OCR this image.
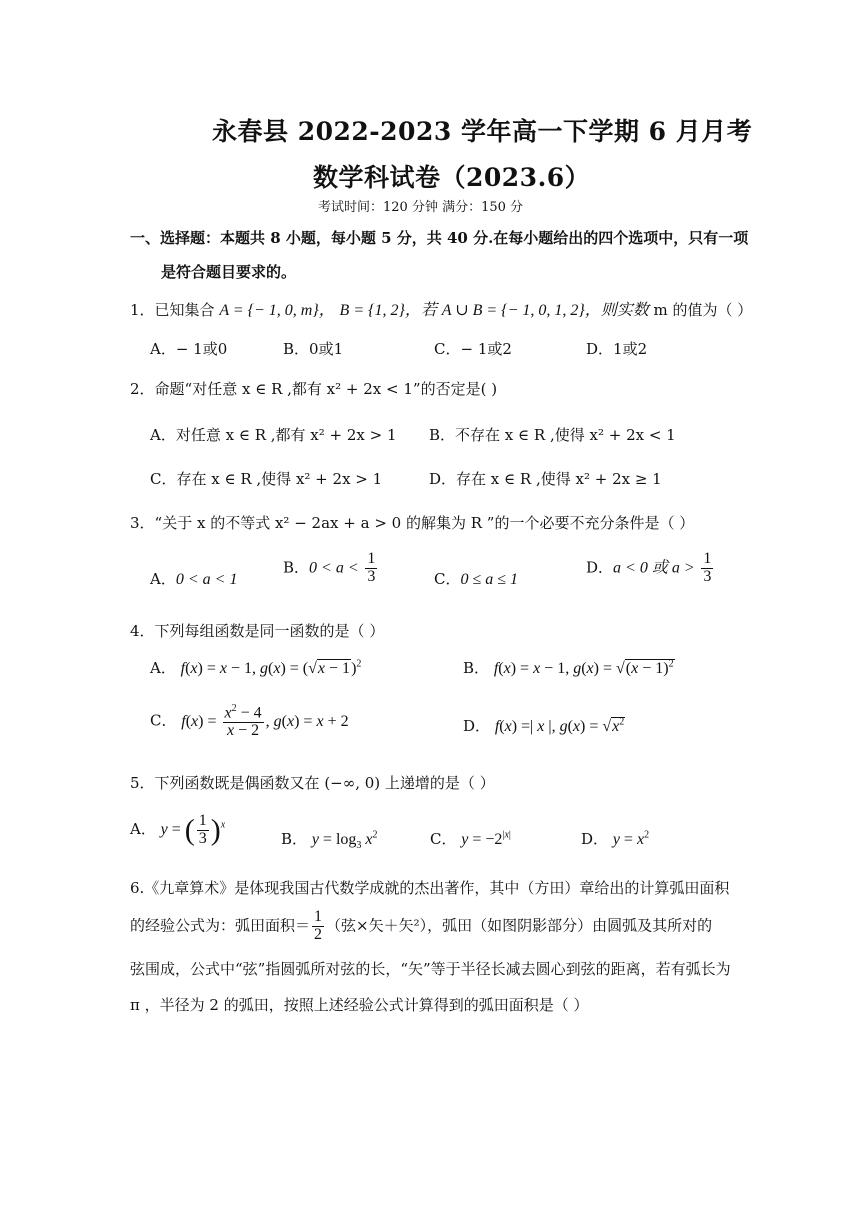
永春县 2022-2023 学年高一下学期 6 月月考
数学科试卷（2023.6）
考试时间：120 分钟 满分：150 分
一、选择题：本题共 8 小题，每小题 5 分，共 40 分.在每小题给出的四个选项中，只有一项
是符合题目要求的。
1．已知集合 A = {− 1, 0, m}， B = {1, 2}，若 A ∪ B = {− 1, 0, 1, 2}，则实数 m 的值为（ ）
A．− 1或0	B．0或1	C．− 1或2	D．1或2
2．命题“对任意 x ∈ R ,都有 x² + 2x < 1”的否定是( )
A．对任意 x ∈ R ,都有 x² + 2x > 1 B．不存在 x ∈ R ,使得 x² + 2x < 1
C．存在 x ∈ R ,使得 x² + 2x > 1	D．存在 x ∈ R ,使得 x² + 2x ≥ 1
3．“关于 x 的不等式 x² − 2ax + a > 0 的解集为 R ”的一个必要不充分条件是（ ）
A．0 < a < 1
B．$0 < a < \frac{1}{3}$	C．0 ≤ a ≤ 1
D．a < 0 或 $a > \frac{1}{3}$
4．下列每组函数是同一函数的是（ ）
A． f(x) = x − 1, $g(x) = (√x - 1)^2$	B． f(x) = x − 1, $g(x) = √(x - 1)^2$
C． $f(x) = \frac{x^2 - 4}{x - 2}$ , g(x) = x + 2	D． f(x) =| x |, $g(x) = √x^2$
5．下列函数既是偶函数又在 (−∞, 0) 上递增的是（ ）
A． y = ( $\frac{1}{3} )^x$
B． $y = \log_3 x^2$	C． $y = -2^{|x|}$	D． $y = x^2$
6.《九章算术》是体现我国古代数学成就的杰出著作，其中（方田）章给出的计算弧田面积
的经验公式为：弧田面积＝ $\frac{1}{2}$ （弦×矢＋矢²），弧田（如图阴影部分）由圆弧及其所对的
弦围成，公式中“弦”指圆弧所对弦的长，“矢”等于半径长减去圆心到弦的距离，若有弧长为
π ，半径为 2 的弧田，按照上述经验公式计算得到的弧田面积是（ ）
